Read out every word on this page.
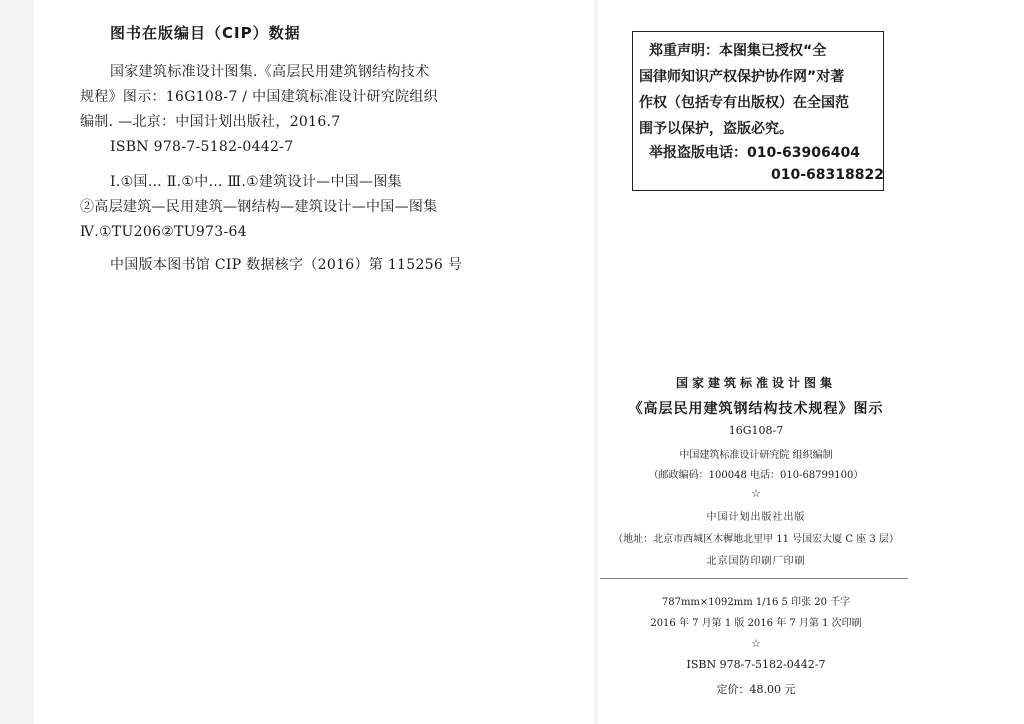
图书在版编目（CIP）数据
国家建筑标准设计图集.《高层民用建筑钢结构技术
规程》图示：16G108-7 / 中国建筑标准设计研究院组织
编制. —北京：中国计划出版社，2016.7
ISBN 978-7-5182-0442-7
Ⅰ.①国… Ⅱ.①中… Ⅲ.①建筑设计—中国—图集
②高层建筑—民用建筑—钢结构—建筑设计—中国—图集
Ⅳ.①TU206②TU973-64
中国版本图书馆 CIP 数据核字（2016）第 115256 号
郑重声明：本图集已授权“全
国律师知识产权保护协作网”对著
作权（包括专有出版权）在全国范
围予以保护，盗版必究。
举报盗版电话：010-63906404
010-68318822
国家建筑标准设计图集
《高层民用建筑钢结构技术规程》图示
16G108-7
中国建筑标准设计研究院 组织编制
（邮政编码：100048 电话：010-68799100）
☆
中国计划出版社出版
（地址：北京市西城区木樨地北里甲 11 号国宏大厦 C 座 3 层）
北京国防印刷厂印刷
787mm×1092mm 1/16 5 印张 20 千字
2016 年 7 月第 1 版 2016 年 7 月第 1 次印刷
☆
ISBN 978-7-5182-0442-7
定价：48.00 元
